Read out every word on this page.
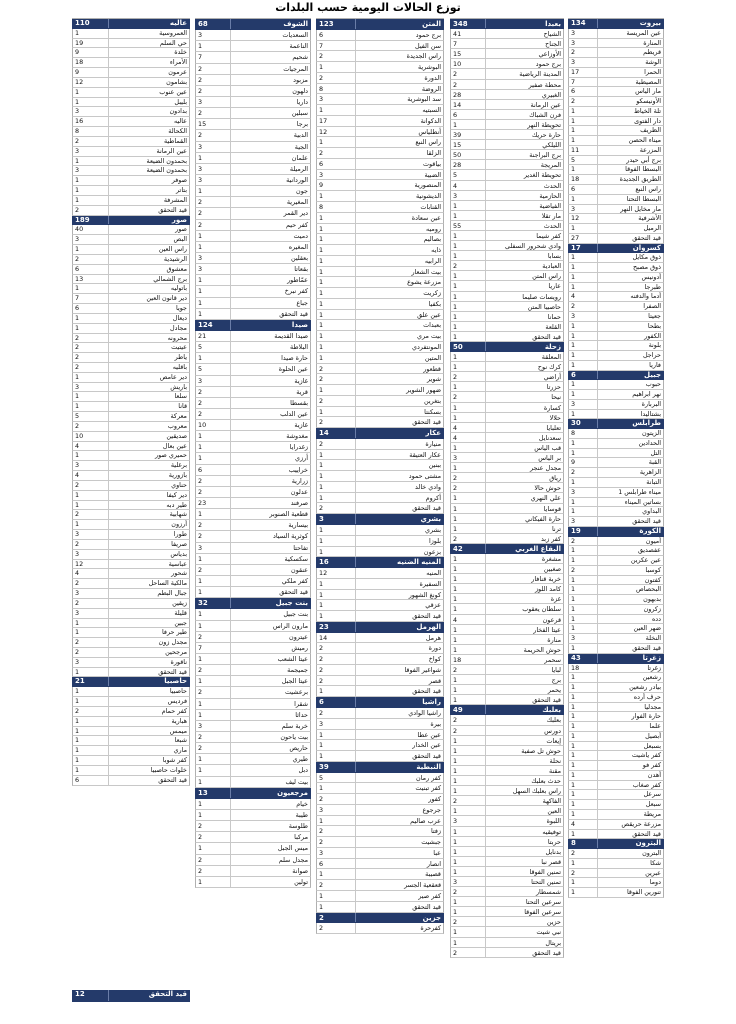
توزع الحالات اليومية حسب البلدات
134	بيروت
3	عين المريسة
3	المنارة
2	قريطم
3	الوشة
17	الحمرا
7	المصيطبة
6	مار الياس
2	الأونيسكو
1	تلة الخياط
1	دار الفتوى
1	الظريف
1	ميناء الحصن
11	المزرعة
5	برج أبي حيدر
1	البسطا الفوقا
18	الطريق الجديدة
6	راس النبع
1	البسطا التحتا
3	مار مخايل النهر
12	الأشرفية
1	الرميل
27	قيد التحقق
17	كسروان
1	ذوق مكايل
1	ذوق مصبح
1	أدونيس
1	طبرجا
4	أدما والدفنه
2	الصفرا
3	جعيتا
1	بطحا
1	الكفور
1	بلونة
1	حراجل
1	فاريا
6	جبيل
1	حبوب
1	نهر ابراهيم
3	البربارة
1	بشتاليدا
30	طرابلس
8	الزيتون
1	الحدادين
1	التل
9	القبة
2	الزاهرية
1	التبانة
3	ميناء طرابلس 1
1	بساتين الميناء
1	البداوي
3	قيد التحقق
19	الكورة
2	أميون
1	عفصديق
1	عين عكرين
2	كوسبا
1	كفتون
1	البحصاص
1	بدبهون
1	زكرون
1	دده
1	ضهر العين
3	النخلة
1	قيد التحقق
43	زغرتا
18	زغرتا
1	رشعين
1	بيادر رشعين
1	حرف أرده
1	مجدليا
1	حارة الفوار
1	علما
1	أبصيل
1	بسبعل
1	كفر ياشيت
1	كفر فو
1	أهدن
1	كفر صغاب
1	سرعل
1	سبعل
1	مريطة
4	مزرعة حريقص
1	قيد التحقق
8	البترون
2	البترون
1	شكا
2	عبرين
1	دوما
1	تنورين الفوقا
348	بعبدا
41	الشياح
7	الجناح
15	الأوزاعي
10	برج حمود
2	المدينة الرياضية
2	محطة صفير
28	الغبيري
14	عين الرمانة
6	فرن الشباك
1	تحويطة النهر
39	حارة حريك
15	الليلكي
50	برج البراجنة
28	المريجة
5	تحويطة الغدير
4	الحدث
3	الحازمية
1	الفياضية
1	مار تقلا
55	الحدث
1	كفر شيما
1	وادي شحرور السفلى
1	بسابا
2	العبادية
1	راس المتن
1	عاريا
1	رويسات صليما
1	حاصبيا المتن
1	حمانا
1	القلعة
1	قيد التحقق
50	زحلة
1	المعلقة
1	كرك نوح
2	أراضي
1	حزرتا
2	نيحا
1	كسارة
1	حلالا
4	تعلبايا
4	سعدنايل
1	قب الياس
3	بر الياس
1	مجدل عنجر
2	رياق
2	حوش حالا
1	علي النهري
1	قوسايا
1	حارة الفيكاني
1	ترنا
2	كفر زبد
42	البقاع الغربي
1	مشغرة
1	صغبين
1	خربة قنافار
1	كامد اللوز
1	غزة
1	سلطان يعقوب
4	قرعون
1	عيتا الفخار
1	منارة
1	حوش الحريمة
18	سحمر
2	لبايا
1	برج
1	يحمر
1	قيد التحقق
49	بعلبك
2	بعلبك
2	دورس
1	إيعات
1	حوش تل صفية
1	نحلة
1	مقنة
1	حدث بعلبك
1	راس بعلبك السهل
2	الفاكهة
1	العين
3	اللبوة
1	توفيقيه
1	حربتا
1	بدنايل
1	قصر نبا
1	تمنين الفوقا
3	تمنين التحتا
2	شمسطار
1	سرعين التحتا
1	سرعين الفوقا
2	حزين
1	نبي شيت
1	بريتال
2	قيد التحقق
123	المتن
6	برج حمود
7	سن الفيل
2	راس الجديدة
1	البوشرية
2	الدورة
8	الروضة
3	سد البوشرية
1	السبتيه
17	الدكوانة
12	أنطلياس
1	راس النبع
2	الزلقا
6	بياقوت
3	الضبية
9	المنصورية
1	الديشونية
8	القنابات
1	عين سعادة
1	روميه
1	بصاليم
1	ذايه
1	الرابيه
1	بيت الشعار
1	مزرعة يشوع
1	زكريت
1	بكفيا
1	عين علق
1	بعبدات
1	بيت مري
1	المونتفردي
1	المتين
2	قطعور
2	شوير
1	ضهور الشوير
2	بتغرين
1	بسكنتا
2	قيد التحقق
14	عكار
2	منيارة
1	عكار العتيقة
1	ببنين
1	مشتى حمود
1	وادي خالد
1	أكروم
2	قيد التحقق
3	بشري
1	بشري
1	بلوزا
1	بزعون
16	المنيه الضنيه
12	المنيه
1	السفيرة
1	كونغ الشهور
1	عزقي
1	قيد التحقق
23	الهرمل
14	هرمل
2	دورة
2	كواخ
2	شواغير الفوقا
2	قصر
1	قيد التحقق
6	راشيا
2	راشيا الوادي
3	بيرة
1	عين عطا
1	عين الخدار
1	قيد التحقق
39	النبطية
5	كفر رمان
1	كفر تبنيت
2	كفور
3	جرجوع
1	عرب صاليم
2	زفتا
2	جبشيت
3	عبا
6	انصار
1	قصيبة
2	قعقعية الجسر
1	كفر صير
1	قيد التحقق
2	جزين
2	كفرحرة
68	الشوف
3	السعديات
1	الناعمة
7	شحيم
2	المرجيات
2	مزبود
2	دلهون
3	داريا
2	سبلين
15	برجا
2	الدبية
3	الجية
1	علمان
3	الرميلة
3	الوردانية
1	جون
2	المغيرية
2	دير القمر
2	كفر حيم
1	دميت
1	المغيره
3	بعقلين
3	بقعاتا
1	عمّاطور
1	كفر نبرخ
1	جباع
1	قيد التحقق
124	صيدا
21	صيدا القديمة
5	البلاطة
1	حارة صيدا
5	عين الحلوة
3	غازية
2	قرية
2	بقسطا
2	عين الدلب
10	غازية
1	مغدوشة
1	زغدرايا
1	أرزي
6	خراييب
2	زرارية
2	عدلون
23	صرفند
1	قطعية الصنوبر
2	بيسارية
2	كوثرية السياد
3	تفاحتا
1	سكسكية
2	عنقون
1	كفر ملكي
1	قيد التحقق
32	بنت جبيل
1	بنت جبيل
1	مارون الراس
2	عيترون
7	رميش
1	عيتا الشعب
2	جميجمة
1	عيتا الجبل
2	برعشيت
1	شقرا
1	حداثا
3	خربة سلم
2	بيت ياحون
2	حاريص
1	طيري
1	دبل
1	بيت ليف
13	مرجعيون
1	خيام
1	طيبة
2	طلوسة
2	مركبا
1	ميس الجبل
2	مجدل سلم
2	صوانة
1	تولين
110	عاليه
1	العمروسية
19	حي السلم
9	خلدة
18	الأمراء
9	عرمون
12	بشامون
1	عين عنوب
1	بليبل
3	بدادون
16	عاليه
8	الكحالة
2	القماطية
3	عين الرمانة
1	بحمدون الضيعة
3	بحمدون الضيعة
1	صوفر
1	بتاتر
1	المشرفة
2	قيد التحقق
189	صور
40	صور
3	البص
1	راس العين
2	الرشيدية
6	معشوق
13	برج الشمالي
1	باتوليه
7	دير قانون العين
6	جويا
1	ديعال
1	مجادل
2	محرونه
2	عيتيت
2	ياطر
2	باقليه
1	دير عامص
3	باريش
1	سلعا
1	قانا
5	معركة
2	معروب
10	صديقين
4	عين بعال
1	حميري صور
3	برغلية
4	بازورية
2	حناوي
1	دير كيفا
1	طير دبه
2	شهابية
1	أرزون
3	طورا
2	صريفا
3	بدياس
12	عباسية
4	شحور
2	مالكية الساحل
3	جبال البطم
2	زيقين
3	قليلة
1	جبين
1	طير حرفا
2	مجدل زون
2	مرجحين
3	ناقورة
1	قيد التحقق
21	حاصبيا
1	حاصبيا
1	فرديس
2	كفر حمام
1	هبارية
1	ميمس
1	شبعا
1	ماري
1	كفر شوبا
1	خلوات حاصبيا
6	قيد التحقق
12	قيد التحقق
